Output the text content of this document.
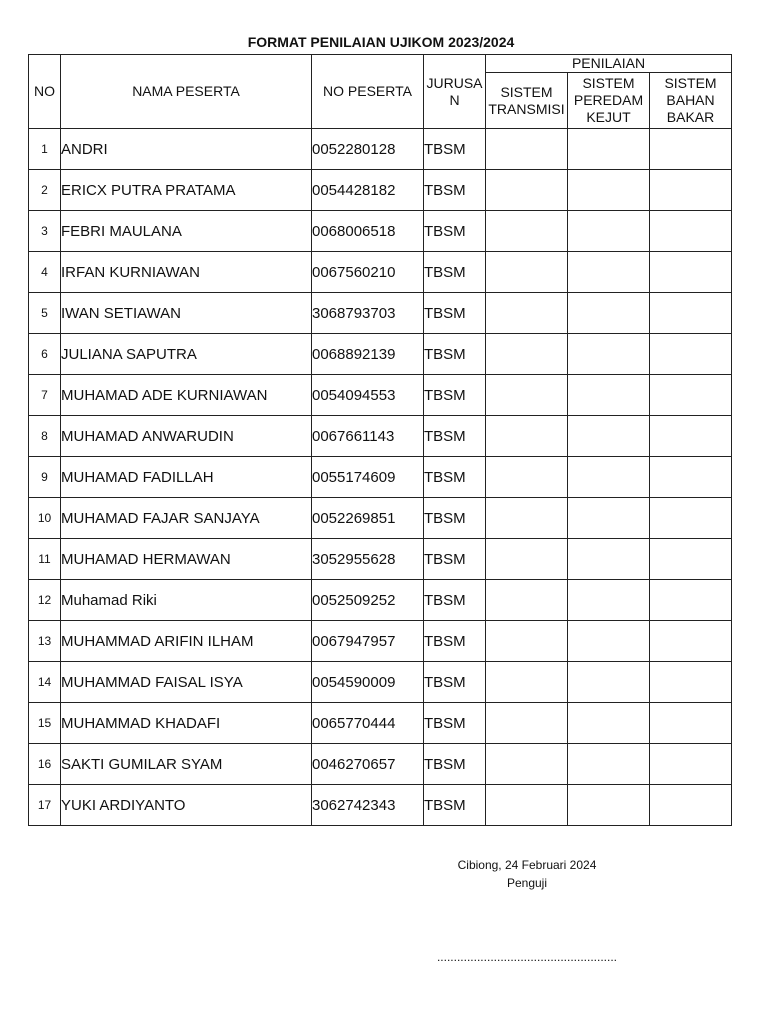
FORMAT PENILAIAN UJIKOM 2023/2024
NO	NAMA PESERTA	NO PESERTA	JURUSA N	PENILAIAN		
				SISTEM TRANSMISI	SISTEM PEREDAM KEJUT	SISTEM BAHAN BAKAR
1	ANDRI	0052280128	TBSM			
2	ERICX PUTRA PRATAMA	0054428182	TBSM			
3	FEBRI MAULANA	0068006518	TBSM			
4	IRFAN KURNIAWAN	0067560210	TBSM			
5	IWAN SETIAWAN	3068793703	TBSM			
6	JULIANA SAPUTRA	0068892139	TBSM			
7	MUHAMAD ADE KURNIAWAN	0054094553	TBSM			
8	MUHAMAD ANWARUDIN	0067661143	TBSM			
9	MUHAMAD FADILLAH	0055174609	TBSM			
10	MUHAMAD FAJAR SANJAYA	0052269851	TBSM			
11	MUHAMAD HERMAWAN	3052955628	TBSM			
12	Muhamad Riki	0052509252	TBSM			
13	MUHAMMAD ARIFIN ILHAM	0067947957	TBSM			
14	MUHAMMAD FAISAL ISYA	0054590009	TBSM			
15	MUHAMMAD KHADAFI	0065770444	TBSM			
16	SAKTI GUMILAR SYAM	0046270657	TBSM			
17	YUKI ARDIYANTO	3062742343	TBSM			
Cibiong, 24 Februari 2024
Penguji
......................................................
